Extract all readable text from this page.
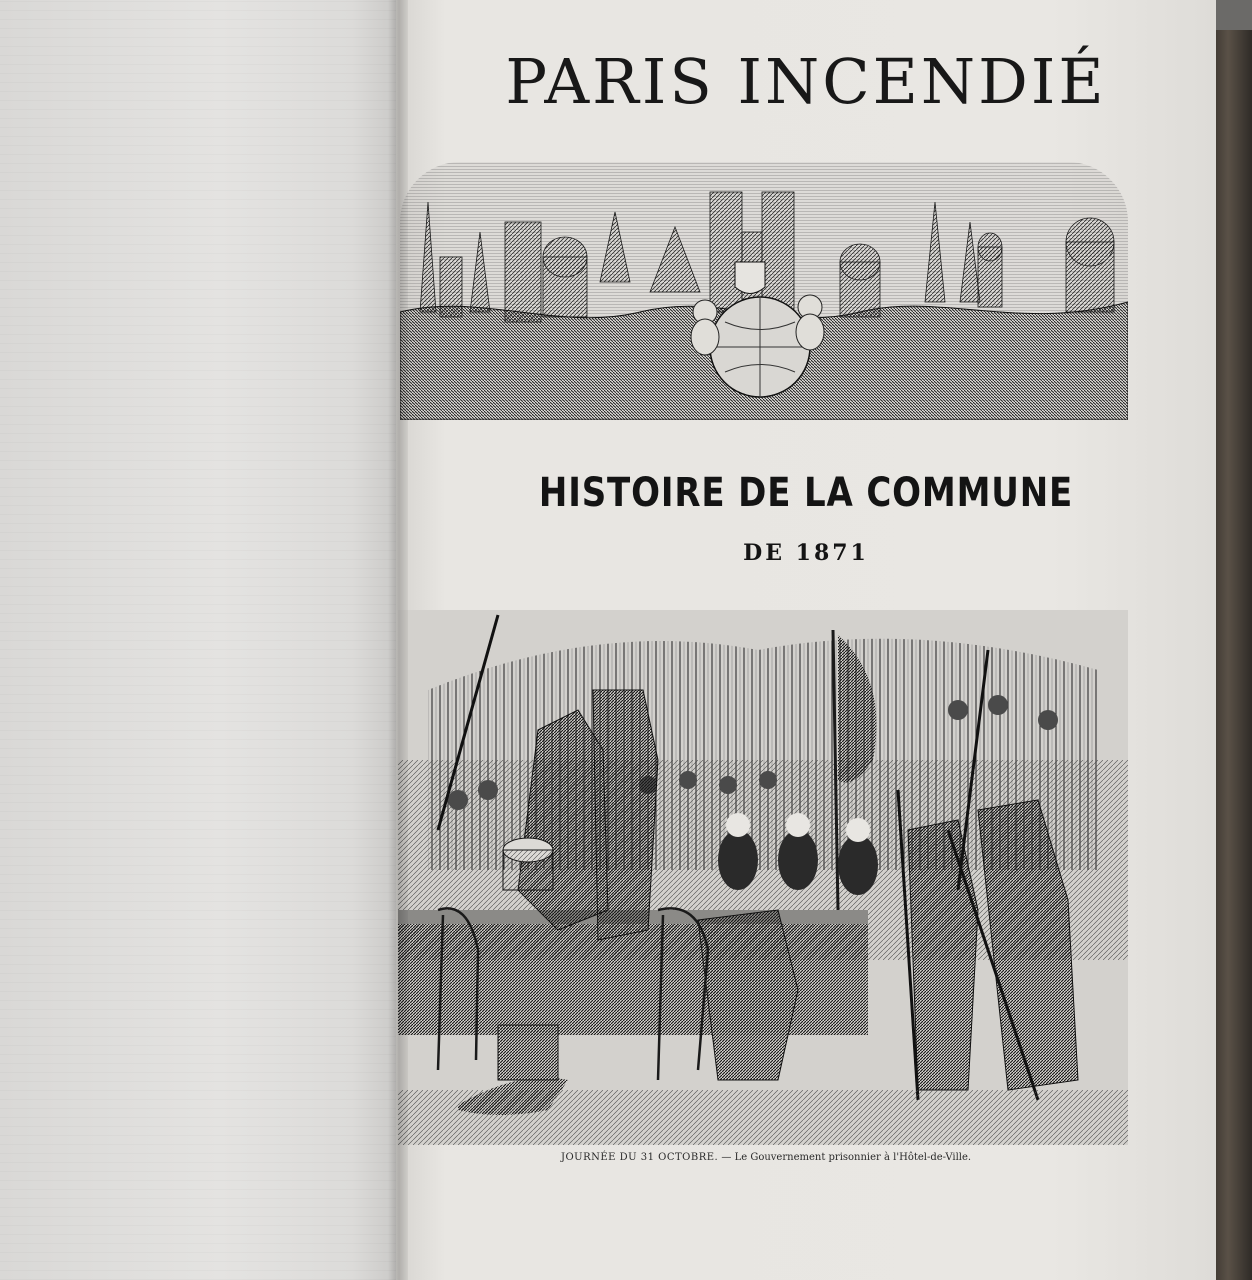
PARIS INCENDIÉ
HISTOIRE DE LA COMMUNE
DE 1871
JOURNÉE DU 31 OCTOBRE. — Le Gouvernement prisonnier à l'Hôtel-de-Ville.
